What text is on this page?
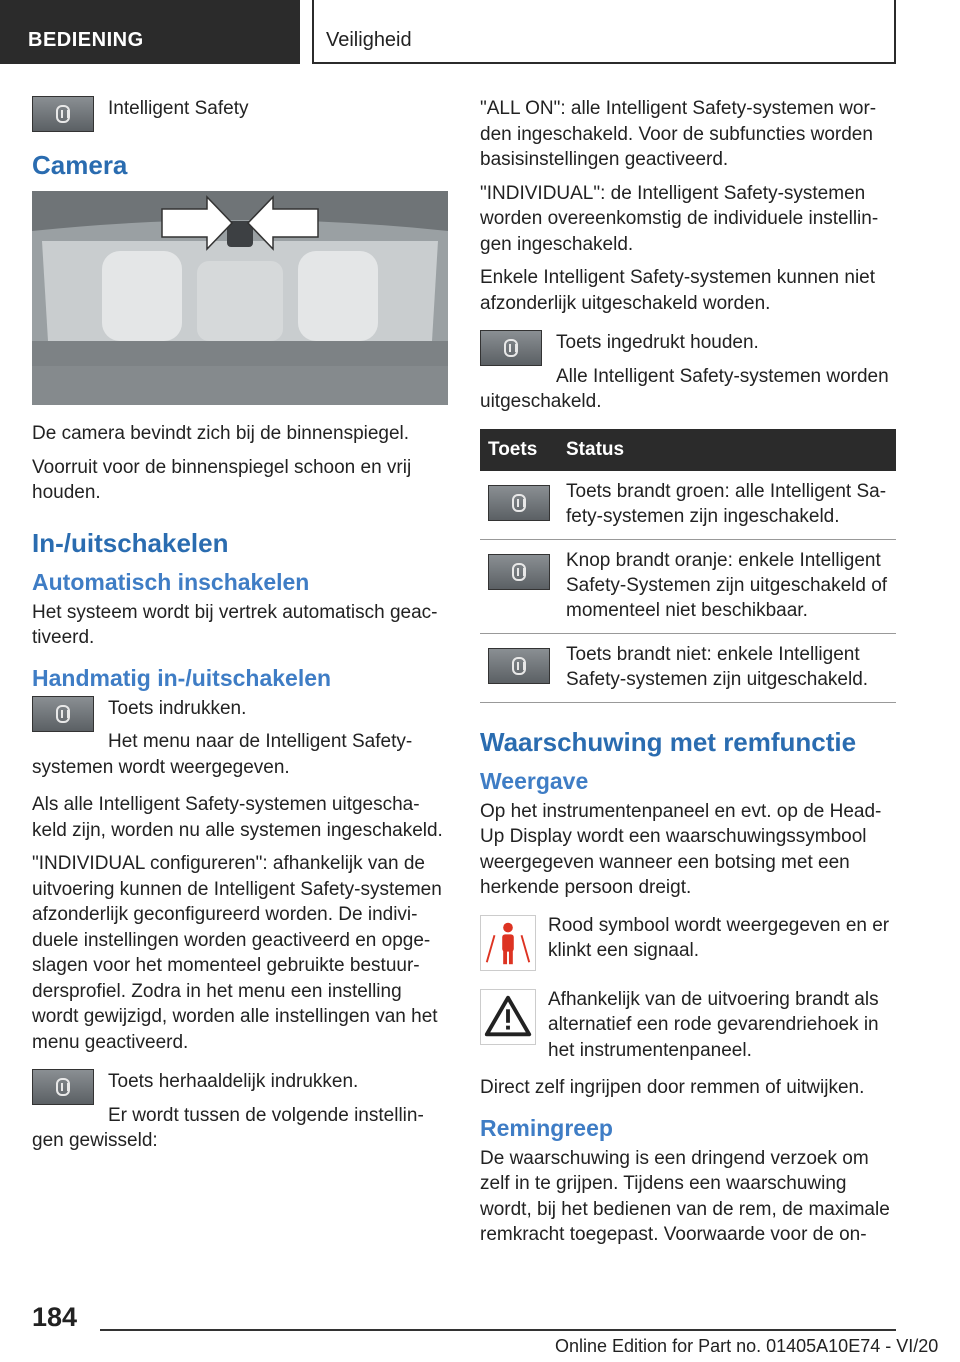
BEDIENING	Veiligheid

Intelligent Safety

Camera

De camera bevindt zich bij de binnenspiegel.

Voorruit voor de binnenspiegel schoon en vrij houden.

In-/uitschakelen
Automatisch inschakelen

Het systeem wordt bij vertrek automatisch geac-tiveerd.

Handmatig in-/uitschakelen

Toets indrukken.

Het menu naar de Intelligent Safety-systemen wordt weergegeven.

Als alle Intelligent Safety-systemen uitgescha-keld zijn, worden nu alle systemen ingeschakeld.

"INDIVIDUAL configureren": afhankelijk van de uitvoering kunnen de Intelligent Safety-systemen afzonderlijk geconfigureerd worden. De indivi-duele instellingen worden geactiveerd en opge-slagen voor het momenteel gebruikte bestuur-dersprofiel. Zodra in het menu een instelling wordt gewijzigd, worden alle instellingen van het menu geactiveerd.

Toets herhaaldelijk indrukken.

Er wordt tussen de volgende instellin-gen gewisseld:

"ALL ON": alle Intelligent Safety-systemen wor-den ingeschakeld. Voor de subfuncties worden basisinstellingen geactiveerd.

"INDIVIDUAL": de Intelligent Safety-systemen worden overeenkomstig de individuele instellin-gen ingeschakeld.

Enkele Intelligent Safety-systemen kunnen niet afzonderlijk uitgeschakeld worden.

Toets ingedrukt houden.

Alle Intelligent Safety-systemen worden uitgeschakeld.

Toets	Status

	Toets brandt groen: alle Intelligent Sa-fety-systemen zijn ingeschakeld.

	Knop brandt oranje: enkele Intelligent Safety-Systemen zijn uitgeschakeld of momenteel niet beschikbaar.

	Toets brandt niet: enkele Intelligent Safety-systemen zijn uitgeschakeld.
Waarschuwing met remfunctie
Weergave

Op het instrumentenpaneel en evt. op de Head-Up Display wordt een waarschuwingssymbool weergegeven wanneer een botsing met een herkende persoon dreigt.

Rood symbool wordt weergegeven en er klinkt een signaal.

Afhankelijk van de uitvoering brandt als alternatief een rode gevarendriehoek in het instrumentenpaneel.

Direct zelf ingrijpen door remmen of uitwijken.

Remingreep

De waarschuwing is een dringend verzoek om zelf in te grijpen. Tijdens een waarschuwing wordt, bij het bedienen van de rem, de maximale remkracht toegepast. Voorwaarde voor de on-

184
Online Edition for Part no. 01405A10E74 - VI/20
